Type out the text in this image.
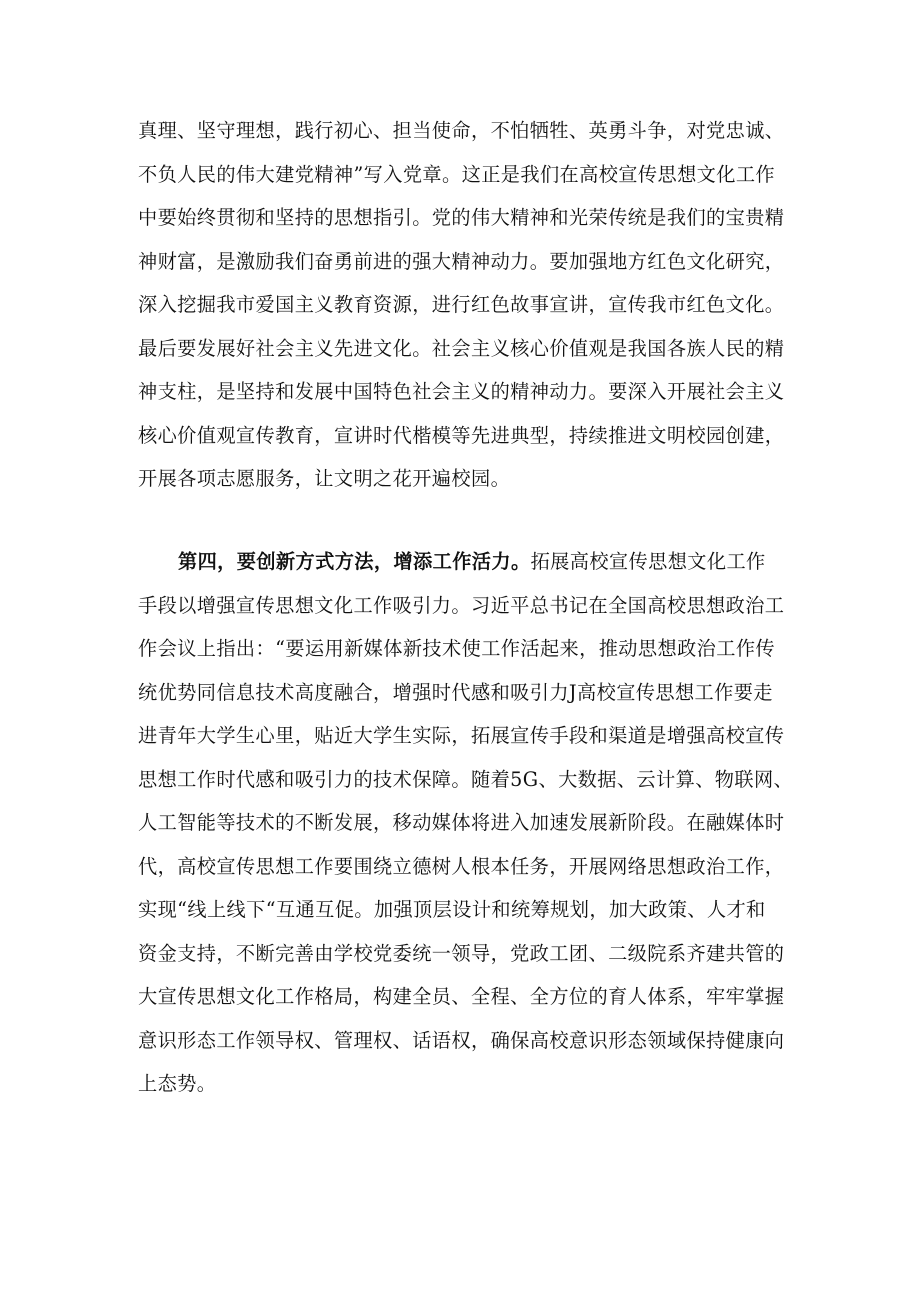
真理、坚守理想，践行初心、担当使命，不怕牺牲、英勇斗争，对党忠诚、
不负人民的伟大建党精神”写入党章。这正是我们在高校宣传思想文化工作
中要始终贯彻和坚持的思想指引。党的伟大精神和光荣传统是我们的宝贵精
神财富，是激励我们奋勇前进的强大精神动力。要加强地方红色文化研究，
深入挖掘我市爱国主义教育资源，进行红色故事宣讲，宣传我市红色文化。
最后要发展好社会主义先进文化。社会主义核心价值观是我国各族人民的精
神支柱，是坚持和发展中国特色社会主义的精神动力。要深入开展社会主义
核心价值观宣传教育，宣讲时代楷模等先进典型，持续推进文明校园创建，
开展各项志愿服务，让文明之花开遍校园。
第四，要创新方式方法，增添工作活力。拓展高校宣传思想文化工作
手段以增强宣传思想文化工作吸引力。习近平总书记在全国高校思想政治工
作会议上指出：“要运用新媒体新技术使工作活起来，推动思想政治工作传
统优势同信息技术高度融合，增强时代感和吸引力J高校宣传思想工作要走
进青年大学生心里，贴近大学生实际，拓展宣传手段和渠道是增强高校宣传
思想工作时代感和吸引力的技术保障。随着5G、大数据、云计算、物联网、
人工智能等技术的不断发展，移动媒体将进入加速发展新阶段。在融媒体时
代，高校宣传思想工作要围绕立德树人根本任务，开展网络思想政治工作，
实现“线上线下“互通互促。加强顶层设计和统筹规划，加大政策、人才和
资金支持，不断完善由学校党委统一领导，党政工团、二级院系齐建共管的
大宣传思想文化工作格局，构建全员、全程、全方位的育人体系，牢牢掌握
意识形态工作领导权、管理权、话语权，确保高校意识形态领域保持健康向
上态势。
